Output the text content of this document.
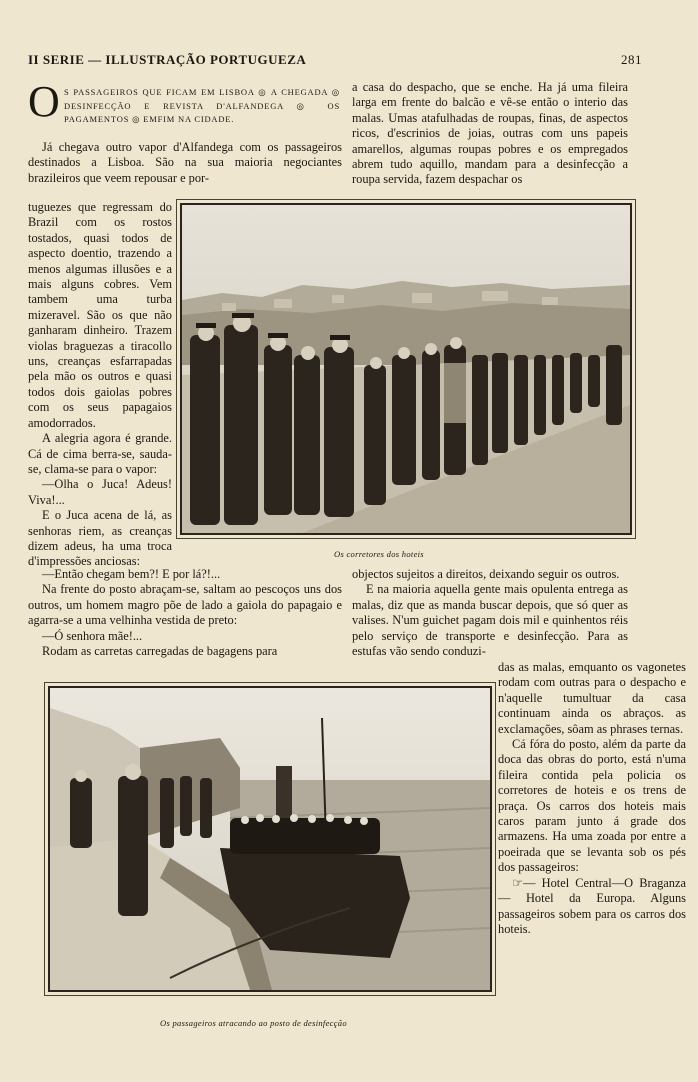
II SERIE — ILLUSTRAÇÃO PORTUGUEZA	281
O S PASSAGEIROS QUE FICAM EM LISBOA ◎ A CHEGADA ◎ DESINFECÇÃO E REVISTA D'ALFANDEGA ◎ OS PAGAMENTOS ◎ EMFIM NA CIDADE.

Já chegava outro vapor d'Alfandega com os passageiros destinados a Lisboa. São na sua maioria negociantes brazileiros que veem repousar e por-

tuguezes que regressam do Brazil com os rostos tostados, quasi todos de aspecto doentio, trazendo a menos algumas illusões e a mais alguns cobres. Vem tambem uma turba mizeravel. São os que não ganharam dinheiro. Trazem violas braguezas a tiracollo uns, creanças esfarrapadas pela mão os outros e quasi todos dois gaiolas pobres com os seus papagaios amodorrados.

A alegria agora é grande. Cá de cima berra-se, sauda-se, clama-se para o vapor:

—Olha o Juca! Adeus! Viva!...

E o Juca acena de lá, as senhoras riem, as creanças dizem adeus, ha uma troca d'impressões anciosas:

Os corretores dos hoteis

a casa do despacho, que se enche. Ha já uma fileira larga em frente do balcão e vê-se então o interio das malas. Umas atafulhadas de roupas, finas, de aspectos ricos, d'escrinios de joias, outras com uns papeis amarellos, algumas roupas pobres e os empregados abrem tudo aquillo, mandam para a desinfecção a roupa servida, fazem despachar os

—Então chegam bem?! E por lá?!...

Na frente do posto abraçam-se, saltam ao pescoços uns dos outros, um homem magro põe de lado a gaiola do papagaio e agarra-se a uma velhinha vestida de preto:

—Ó senhora mãe!...

Rodam as carretas carregadas de bagagens para

objectos sujeitos a direitos, deixando seguir os outros.

E na maioria aquella gente mais opulenta entrega as malas, diz que as manda buscar depois, que só quer as valises. N'um guichet pagam dois mil e quinhentos réis pelo serviço de transporte e desinfecção. Para as estufas vão sendo conduzi-

Os passageiros atracando ao posto de desinfecção

das as malas, emquanto os vagonetes rodam com outras para o despacho e n'aquelle tumultuar da casa continuam ainda os abraços. as exclamações, sôam as phrases ternas.

Cá fóra do posto, além da parte da doca das obras do porto, está n'uma fileira contida pela policia os corretores de hoteis e os trens de praça. Os carros dos hoteis mais caros param junto á grade dos armazens. Ha uma zoada por entre a poeirada que se levanta sob os pés dos passageiros:

☞— Hotel Central—O Braganza— Hotel da Europa. Alguns passageiros sobem para os carros dos hoteis.
